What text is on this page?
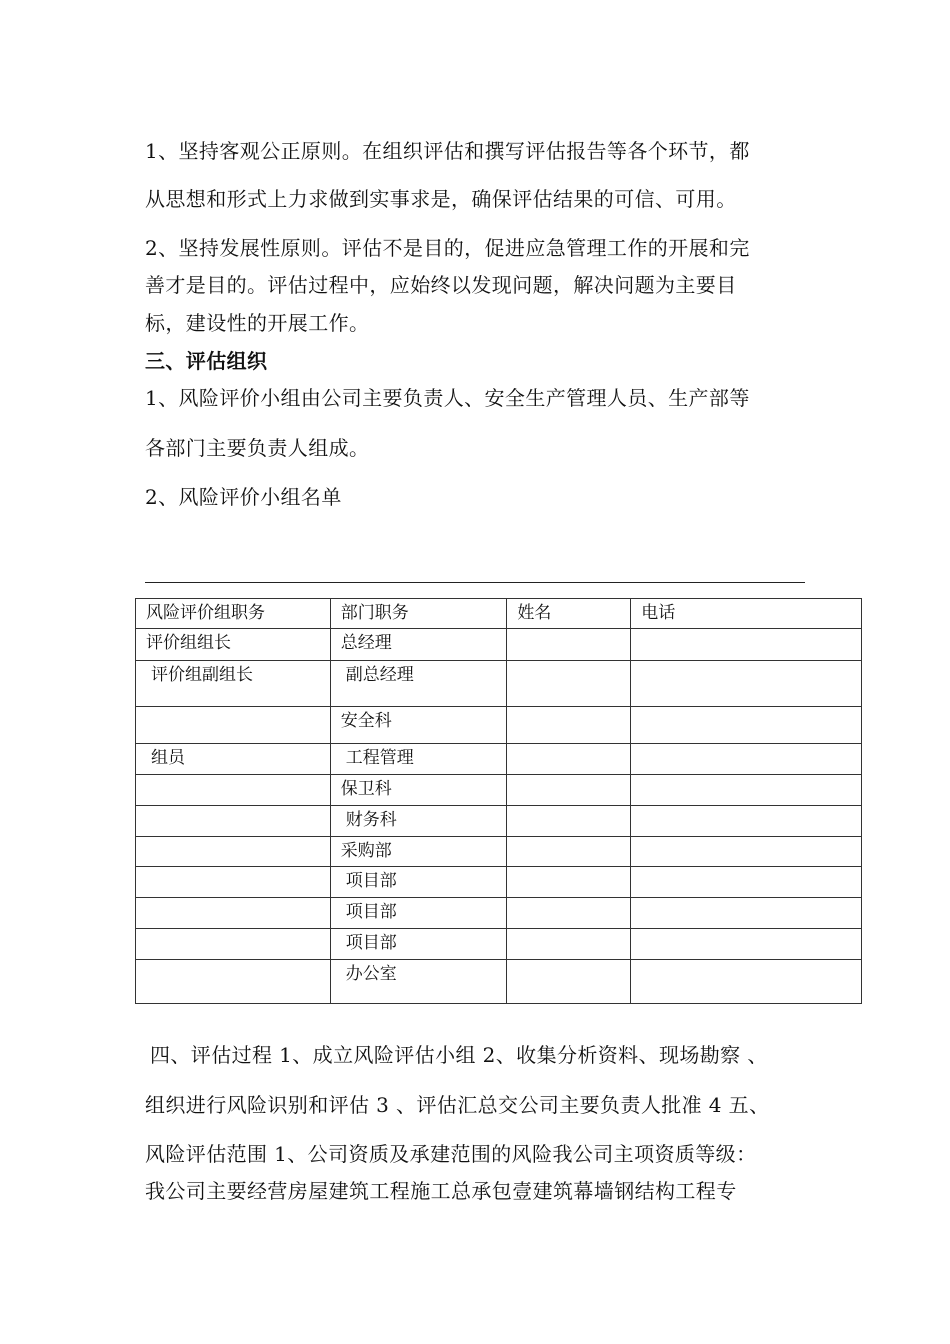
1、坚持客观公正原则。在组织评估和撰写评估报告等各个环节，都
从思想和形式上力求做到实事求是，确保评估结果的可信、可用。
2、坚持发展性原则。评估不是目的，促进应急管理工作的开展和完
善才是目的。评估过程中，应始终以发现问题，解决问题为主要目
标，建设性的开展工作。
三、评估组织
1、风险评价小组由公司主要负责人、安全生产管理人员、生产部等
各部门主要负责人组成。
2、风险评价小组名单
风险评价组职务	部门职务	姓名	电话
评价组组长	总经理		
评价组副组长	副总经理		
	安全科		
组员	工程管理		
	保卫科		
	财务科		
	采购部		
	项目部		
	项目部		
	项目部		
	办公室		
四、评估过程 1、成立风险评估小组 2、收集分析资料、现场勘察 、
组织进行风险识别和评估 3 、评估汇总交公司主要负责人批准 4 五、
风险评估范围 1、公司资质及承建范围的风险我公司主项资质等级：
我公司主要经营房屋建筑工程施工总承包壹建筑幕墙钢结构工程专
